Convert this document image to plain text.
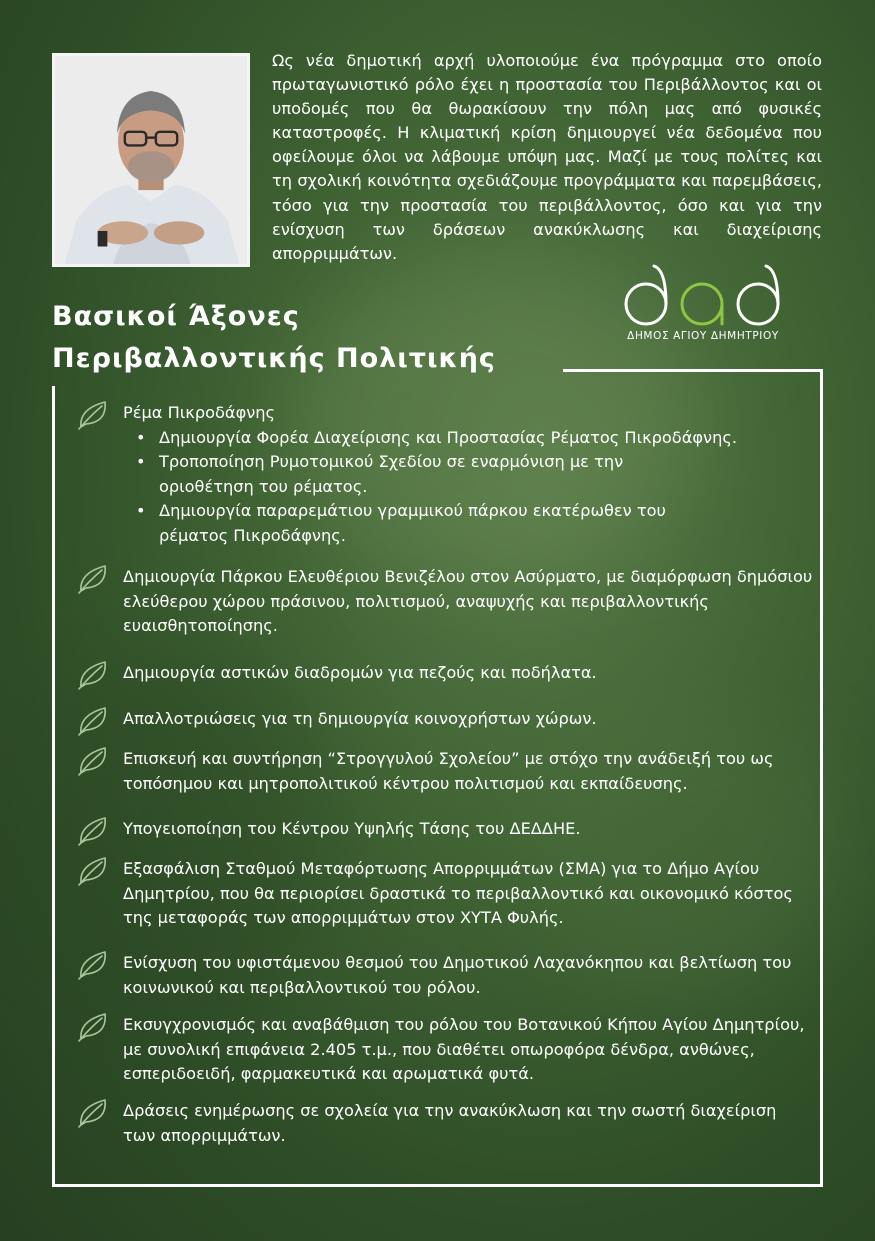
Ως νέα δημοτική αρχή υλοποιούμε ένα πρόγραμμα στο οποίο πρωταγωνιστικό ρόλο έχει η προστασία του Περιβάλλοντος και οι υποδομές που θα θωρακίσουν την πόλη μας από φυσικές καταστροφές. Η κλιματική κρίση δημιουργεί νέα δεδομένα που οφείλουμε όλοι να λάβουμε υπόψη μας. Μαζί με τους πολίτες και τη σχολική κοινότητα σχεδιάζουμε προγράμματα και παρεμβάσεις, τόσο για την προστασία του περιβάλλοντος, όσο και για την ενίσχυση των δράσεων ανακύκλωσης και διαχείρισης απορριμμάτων.

Βασικοί Άξονες
Περιβαλλοντικής Πολιτικής
ΔΗΜΟΣ ΑΓΙΟΥ ΔΗΜΗΤΡΙΟΥ
Ρέμα Πικροδάφνης
• Δημιουργία Φορέα Διαχείρισης και Προστασίας Ρέματος Πικροδάφνης.
• Τροποποίηση Ρυμοτομικού Σχεδίου σε εναρμόνιση με την οριοθέτηση του ρέματος.
• Δημιουργία παραρεμάτιου γραμμικού πάρκου εκατέρωθεν του ρέματος Πικροδάφνης.

Δημιουργία Πάρκου Ελευθέριου Βενιζέλου στον Ασύρματο, με διαμόρφωση δημόσιου ελεύθερου χώρου πράσινου, πολιτισμού, αναψυχής και περιβαλλοντικής ευαισθητοποίησης.

Δημιουργία αστικών διαδρομών για πεζούς και ποδήλατα.

Απαλλοτριώσεις για τη δημιουργία κοινοχρήστων χώρων.

Επισκευή και συντήρηση “Στρογγυλού Σχολείου” με στόχο την ανάδειξή του ως τοπόσημου και μητροπολιτικού κέντρου πολιτισμού και εκπαίδευσης.

Υπογειοποίηση του Κέντρου Υψηλής Τάσης του ΔΕΔΔΗΕ.

Εξασφάλιση Σταθμού Μεταφόρτωσης Απορριμμάτων (ΣΜΑ) για το Δήμο Αγίου Δημητρίου, που θα περιορίσει δραστικά το περιβαλλοντικό και οικονομικό κόστος της μεταφοράς των απορριμμάτων στον ΧΥΤΑ Φυλής.

Ενίσχυση του υφιστάμενου θεσμού του Δημοτικού Λαχανόκηπου και βελτίωση του κοινωνικού και περιβαλλοντικού του ρόλου.

Εκσυγχρονισμός και αναβάθμιση του ρόλου του Βοτανικού Κήπου Αγίου Δημητρίου, με συνολική επιφάνεια 2.405 τ.μ., που διαθέτει οπωροφόρα δένδρα, ανθώνες, εσπεριδοειδή, φαρμακευτικά και αρωματικά φυτά.

Δράσεις ενημέρωσης σε σχολεία για την ανακύκλωση και την σωστή διαχείριση των απορριμμάτων.
